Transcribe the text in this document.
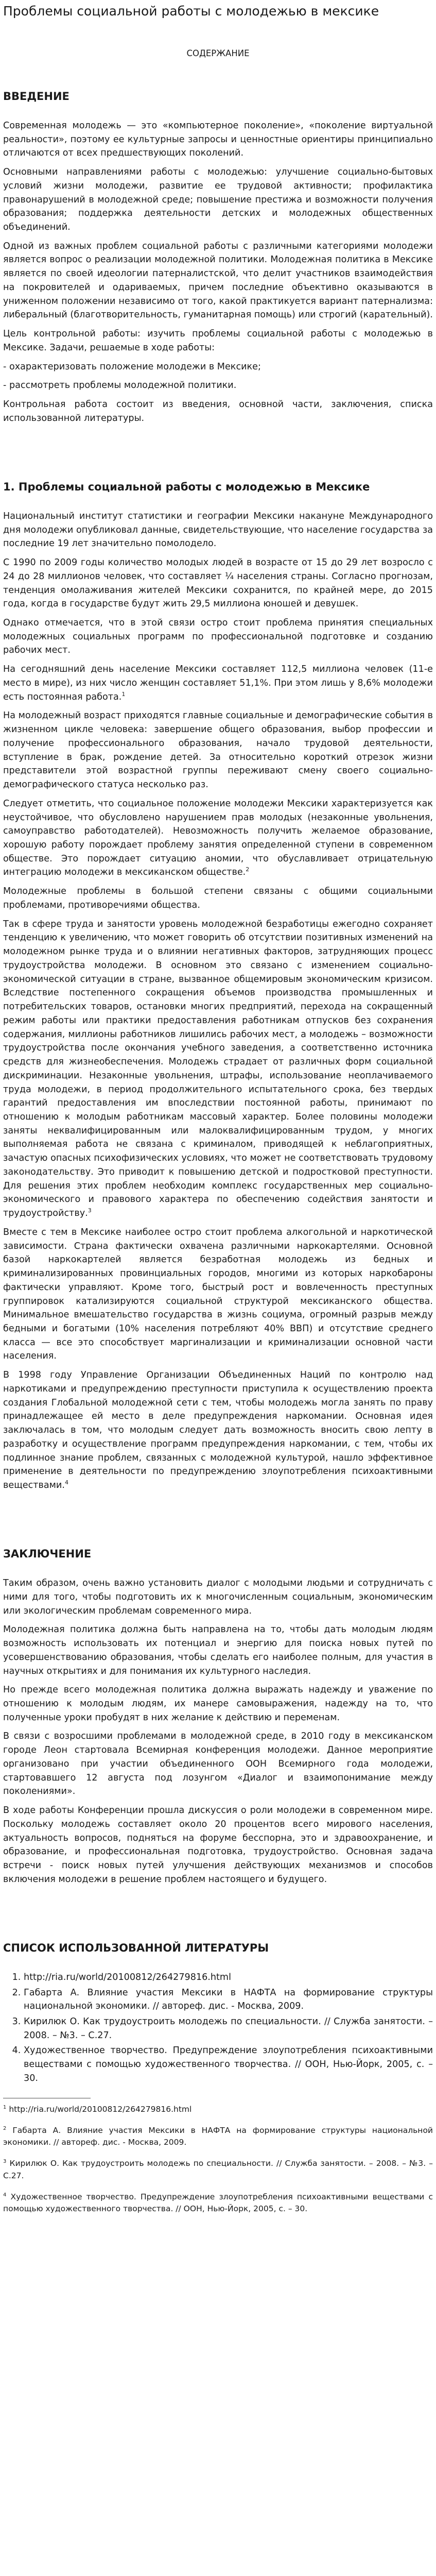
Проблемы социальной работы с молодежью в мексике
СОДЕРЖАНИЕ
ВВЕДЕНИЕ

Современная молодежь — это «компьютерное поколение», «поколение виртуальной реальности», поэтому ее культурные запросы и ценностные ориентиры принципиально отличаются от всех предшествующих поколений.

Основными направлениями работы с молодежью: улучшение социально-бытовых условий жизни молодежи, развитие ее трудовой активности; профилактика правонарушений в молодежной среде; повышение престижа и возможности получения образования; поддержка деятельности детских и молодежных общественных объединений.

Одной из важных проблем социальной работы с различными категориями молодежи является вопрос о реализации молодежной политики. Молодежная политика в Мексике является по своей идеологии патерналистской, что делит участников взаимодействия на покровителей и одариваемых, причем последние объективно оказываются в униженном положении независимо от того, какой практикуется вариант патернализма: либеральный (благотворительность, гуманитарная помощь) или строгий (карательный).

Цель контрольной работы: изучить проблемы социальной работы с молодежью в Мексике. Задачи, решаемые в ходе работы:

- охарактеризовать положение молодежи в Мексике;

- рассмотреть проблемы молодежной политики.

Контрольная работа состоит из введения, основной части, заключения, списка использованной литературы.

1. Проблемы социальной работы с молодежью в Мексике

Национальный институт статистики и географии Мексики накануне Международного дня молодежи опубликовал данные, свидетельствующие, что население государства за последние 19 лет значительно помолодело.

С 1990 по 2009 годы количество молодых людей в возрасте от 15 до 29 лет возросло с 24 до 28 миллионов человек, что составляет ¼ населения страны. Согласно прогнозам, тенденция омолаживания жителей Мексики сохранится, по крайней мере, до 2015 года, когда в государстве будут жить 29,5 миллиона юношей и девушек.

Однако отмечается, что в этой связи остро стоит проблема принятия специальных молодежных социальных программ по профессиональной подготовке и созданию рабочих мест.

На сегодняшний день население Мексики составляет 112,5 миллиона человек (11-е место в мире), из них число женщин составляет 51,1%. При этом лишь у 8,6% молодежи есть постоянная работа.$^1$

На молодежный возраст приходятся главные социальные и демографические события в жизненном цикле человека: завершение общего образования, выбор профессии и получение профессионального образования, начало трудовой деятельности, вступление в брак, рождение детей. За относительно короткий отрезок жизни представители этой возрастной группы переживают смену своего социально-демографического статуса несколько раз.

Следует отметить, что социальное положение молодежи Мексики характеризуется как неустойчивое, что обусловлено нарушением прав молодых (незаконные увольнения, самоуправство работодателей). Невозможность получить желаемое образование, хорошую работу порождает проблему занятия определенной ступени в современном обществе. Это порождает ситуацию аномии, что обуславливает отрицательную интеграцию молодежи в мексиканском обществе.$^2$

Молодежные проблемы в большой степени связаны с общими социальными проблемами, противоречиями общества.

Так в сфере труда и занятости уровень молодежной безработицы ежегодно сохраняет тенденцию к увеличению, что может говорить об отсутствии позитивных изменений на молодежном рынке труда и о влиянии негативных факторов, затрудняющих процесс трудоустройства молодежи. В основном это связано с изменением социально-экономической ситуации в стране, вызванное общемировым экономическим кризисом. Вследствие постепенного сокращения объемов производства промышленных и потребительских товаров, остановки многих предприятий, перехода на сокращенный режим работы или практики предоставления работникам отпусков без сохранения содержания, миллионы работников лишились рабочих мест, а молодежь – возможности трудоустройства после окончания учебного заведения, а соответственно источника средств для жизнеобеспечения. Молодежь страдает от различных форм социальной дискриминации. Незаконные увольнения, штрафы, использование неоплачиваемого труда молодежи, в период продолжительного испытательного срока, без твердых гарантий предоставления им впоследствии постоянной работы, принимают по отношению к молодым работникам массовый характер. Более половины молодежи заняты неквалифицированным или малоквалифицированным трудом, у многих выполняемая работа не связана с криминалом, приводящей к неблагоприятных, зачастую опасных психофизических условиях, что может не соответствовать трудовому законодательству. Это приводит к повышению детской и подростковой преступности. Для решения этих проблем необходим комплекс государственных мер социально-экономического и правового характера по обеспечению содействия занятости и трудоустройству.$^3$

Вместе с тем в Мексике наиболее остро стоит проблема алкогольной и наркотической зависимости. Страна фактически охвачена различными наркокартелями. Основной базой наркокартелей является безработная молодежь из бедных и криминализированных провинциальных городов, многими из которых наркобароны фактически управляют. Кроме того, быстрый рост и вовлеченность преступных группировок катализируются социальной структурой мексиканского общества. Минимальное вмешательство государства в жизнь социума, огромный разрыв между бедными и богатыми (10% населения потребляют 40% ВВП) и отсутствие среднего класса — все это способствует маргинализации и криминализации основной части населения.

В 1998 году Управление Организации Объединенных Наций по контролю над наркотиками и предупреждению преступности приступила к осуществлению проекта создания Глобальной молодежной сети с тем, чтобы молодежь могла занять по праву принадлежащее ей место в деле предупреждения наркомании. Основная идея заключалась в том, что молодым следует дать возможность вносить свою лепту в разработку и осуществление программ предупреждения наркомании, с тем, чтобы их подлинное знание проблем, связанных с молодежной культурой, нашло эффективное применение в деятельности по предупреждению злоупотребления психоактивными веществами.$^4$

ЗАКЛЮЧЕНИЕ

Таким образом, очень важно установить диалог с молодыми людьми и сотрудничать с ними для того, чтобы подготовить их к многочисленным социальным, экономическим или экологическим проблемам современного мира.

Молодежная политика должна быть направлена на то, чтобы дать молодым людям возможность использовать их потенциал и энергию для поиска новых путей по усовершенствованию образования, чтобы сделать его наиболее полным, для участия в научных открытиях и для понимания их культурного наследия.

Но прежде всего молодежная политика должна выражать надежду и уважение по отношению к молодым людям, их манере самовыражения, надежду на то, что полученные уроки пробудят в них желание к действию и переменам.

В связи с возросшими проблемами в молодежной среде, в 2010 году в мексиканском городе Леон стартовала Всемирная конференция молодежи. Данное мероприятие организовано при участии объединенного ООН Всемирного года молодежи, стартовавшего 12 августа под лозунгом «Диалог и взаимопонимание между поколениями».

В ходе работы Конференции прошла дискуссия о роли молодежи в современном мире. Поскольку молодежь составляет около 20 процентов всего мирового населения, актуальность вопросов, подняться на форуме бесспорна, это и здравоохранение, и образование, и профессиональная подготовка, трудоустройство. Основная задача встречи - поиск новых путей улучшения действующих механизмов и способов включения молодежи в решение проблем настоящего и будущего.

СПИСОК ИСПОЛЬЗОВАННОЙ ЛИТЕРАТУРЫ
1. http://ria.ru/world/20100812/264279816.html
2. Габарта А. Влияние участия Мексики в НАФТА на формирование структуры национальной экономики. // автореф. дис. - Москва, 2009.
3. Кирилюк О. Как трудоустроить молодежь по специальности. // Служба занятости. – 2008. – №3. – С.27.
4. Художественное творчество. Предупреждение злоупотребления психоактивными веществами с помощью художественного творчества. // ООН, Нью-Йорк, 2005, с. – 30.

$^1$ http://ria.ru/world/20100812/264279816.html

$^2$ Габарта А. Влияние участия Мексики в НАФТА на формирование структуры национальной экономики. // автореф. дис. - Москва, 2009.

$^3$ Кирилюк О. Как трудоустроить молодежь по специальности. // Служба занятости. – 2008. – №3. – С.27.

$^4$ Художественное творчество. Предупреждение злоупотребления психоактивными веществами с помощью художественного творчества. // ООН, Нью-Йорк, 2005, с. – 30.
